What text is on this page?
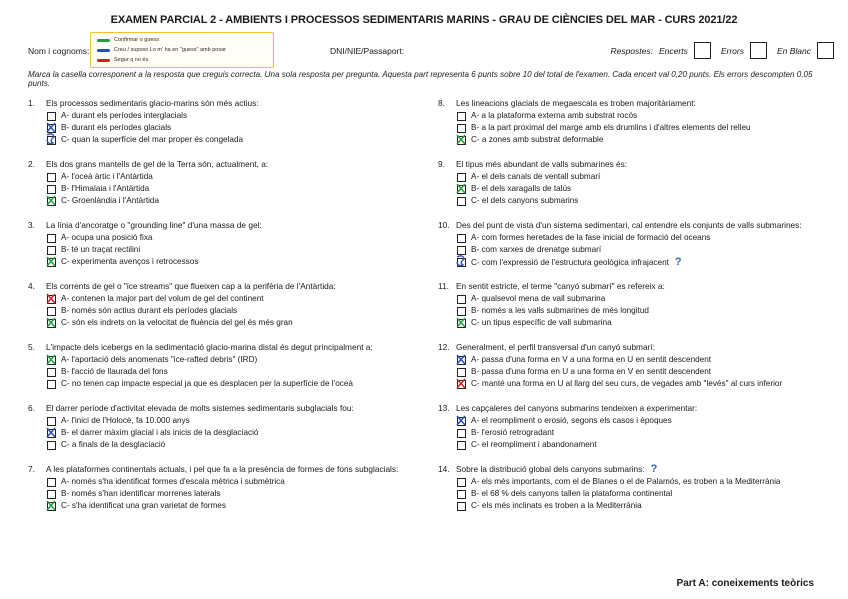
EXAMEN PARCIAL 2 - AMBIENTS I PROCESSOS SEDIMENTARIS MARINS - GRAU DE CIÈNCIES DEL MAR - CURS 2021/22
Nom i cognoms:
Confirmar o guess
Creu / suposo Lo m' ha en "guess" amb posar
Segur q no és
DNI/NIE/Passaport:	Respostes: Encerts	Errors	En Blanc
Marca la casella corresponent a la resposta que creguis correcta. Una sola resposta per pregunta. Aquesta part representa 6 punts sobre 10 del total de l'examen. Cada encert val 0,20 punts. Els errors descompten 0,05 punts.
1. Els processos sedimentaris glacio-marins són més actius:
A- durant els períodes interglacials
B- durant els períodes glacials
C- quan la superfície del mar proper és congelada
2. Els dos grans mantells de gel de la Terra són, actualment, a:
A- l'oceà àrtic i l'Antàrtida
B- l'Himalaia i l'Antàrtida
C- Groenlàndia i l'Antàrtida
3. La línia d'ancoratge o "grounding line" d'una massa de gel:
A- ocupa una posició fixa
B- té un traçat rectilini
C- experimenta avenços i retrocessos
4. Els corrents de gel o "ice streams" que flueixen cap a la perifèria de l'Antàrtida:
A- contenen la major part del volum de gel del continent
B- només són actius durant els períodes glacials
C- són els indrets on la velocitat de fluència del gel és més gran
5. L'impacte dels icebergs en la sedimentació glacio-marina distal és degut principalment a:
A- l'aportació dels anomenats "ice-rafted debris" (IRD)
B- l'acció de llaurada del fons
C- no tenen cap impacte especial ja que es desplacen per la superfície de l'oceà
6. El darrer període d'activitat elevada de molts sistemes sedimentaris subglacials fou:
A- l'inici de l'Holocè, fa 10.000 anys
B- el darrer màxim glacial i als inicis de la desglaciació
C- a finals de la desglaciació
7. A les plataformes continentals actuals, i pel que fa a la presència de formes de fons subglacials:
A- només s'ha identificat formes d'escala mètrica i submètrica
B- només s'han identificar morrenes laterals
C- s'ha identificat una gran varietat de formes
8. Les lineacions glacials de megaescala es troben majoritàriament:
A- a la plataforma externa amb substrat rocós
B- a la part proximal del marge amb els drumlins i d'altres elements del relleu
C- a zones amb substrat deformable
9. El tipus més abundant de valls submarines és:
A- el dels canals de ventall submarí
B- el dels xaragalls de talús
C- el dels canyons submarins
10. Des del punt de vista d'un sistema sedimentari, cal entendre els conjunts de valls submarines:
A- com formes heretades de la fase inicial de formació del oceans
B- com xarxes de drenatge submarí
C- com l'expressió de l'estructura geològica infrajacent ?
11. En sentit estricte, el terme "canyó submarí" es refereix a:
A- qualsevol mena de vall submarina
B- només a les valls submarines de més longitud
C- un tipus específic de vall submarina
12. Generalment, el perfil transversal d'un canyó submarí:
A- passa d'una forma en V a una forma en U en sentit descendent
B- passa d'una forma en U a una forma en V en sentit descendent
C- manté una forma en U al llarg del seu curs, de vegades amb "levés" al curs inferior
13. Les capçaleres del canyons submarins tendeixen a experimentar:
A- el reompliment o erosió, segons els casos i èpoques
B- l'erosió retrogradant
C- el reompliment i abandonament
14. Sobre la distribució global dels canyons submarins: ?
A- els més importants, com el de Blanes o el de Palamós, es troben a la Mediterrània
B- el 68 % dels canyons tallen la plataforma continental
C- els més inclinats es troben a la Mediterrània
Part A: coneixements teòrics
